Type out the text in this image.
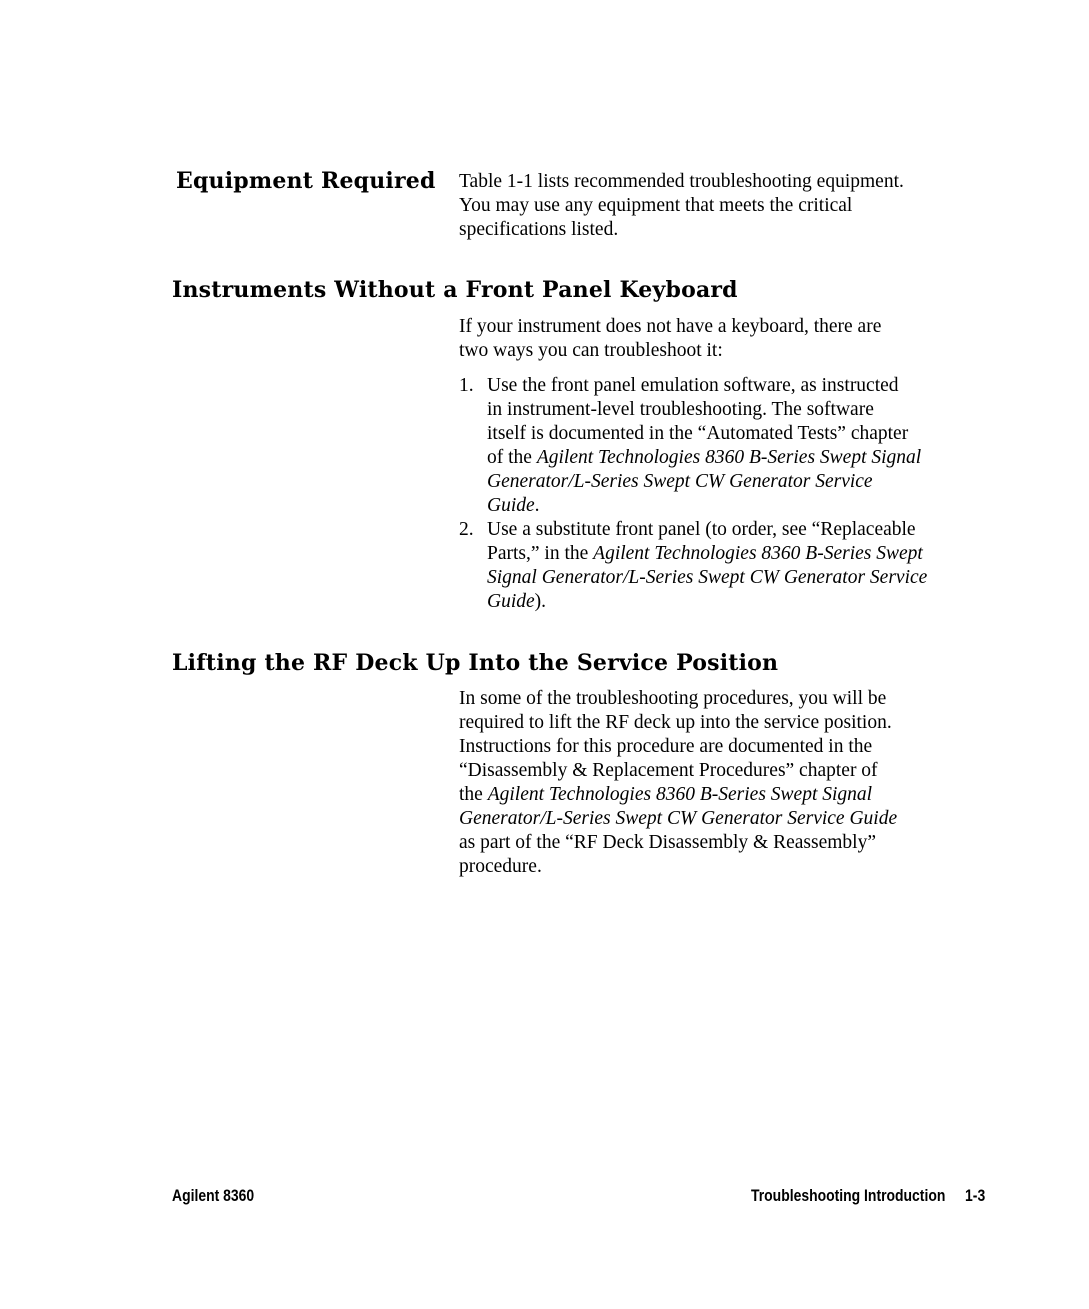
Equipment Required Table 1-1 lists recommended troubleshooting equipment.
You may use any equipment that meets the critical
specifications listed.
Instruments Without a Front Panel Keyboard

If your instrument does not have a keyboard, there are
two ways you can troubleshoot it:

1. Use the front panel emulation software, as instructed
in instrument-level troubleshooting. The software
itself is documented in the “Automated Tests” chapter
of the Agilent Technologies 8360 B-Series Swept Signal
Generator/L-Series Swept CW Generator Service
Guide.
2. Use a substitute front panel (to order, see “Replaceable
Parts,” in the Agilent Technologies 8360 B-Series Swept
Signal Generator/L-Series Swept CW Generator Service
Guide).
Lifting the RF Deck Up Into the Service Position
In some of the troubleshooting procedures, you will be
required to lift the RF deck up into the service position.
Instructions for this procedure are documented in the
“Disassembly & Replacement Procedures” chapter of
the Agilent Technologies 8360 B-Series Swept Signal
Generator/L-Series Swept CW Generator Service Guide
as part of the “RF Deck Disassembly & Reassembly”
procedure.
Agilent 8360	Troubleshooting Introduction 1-3
